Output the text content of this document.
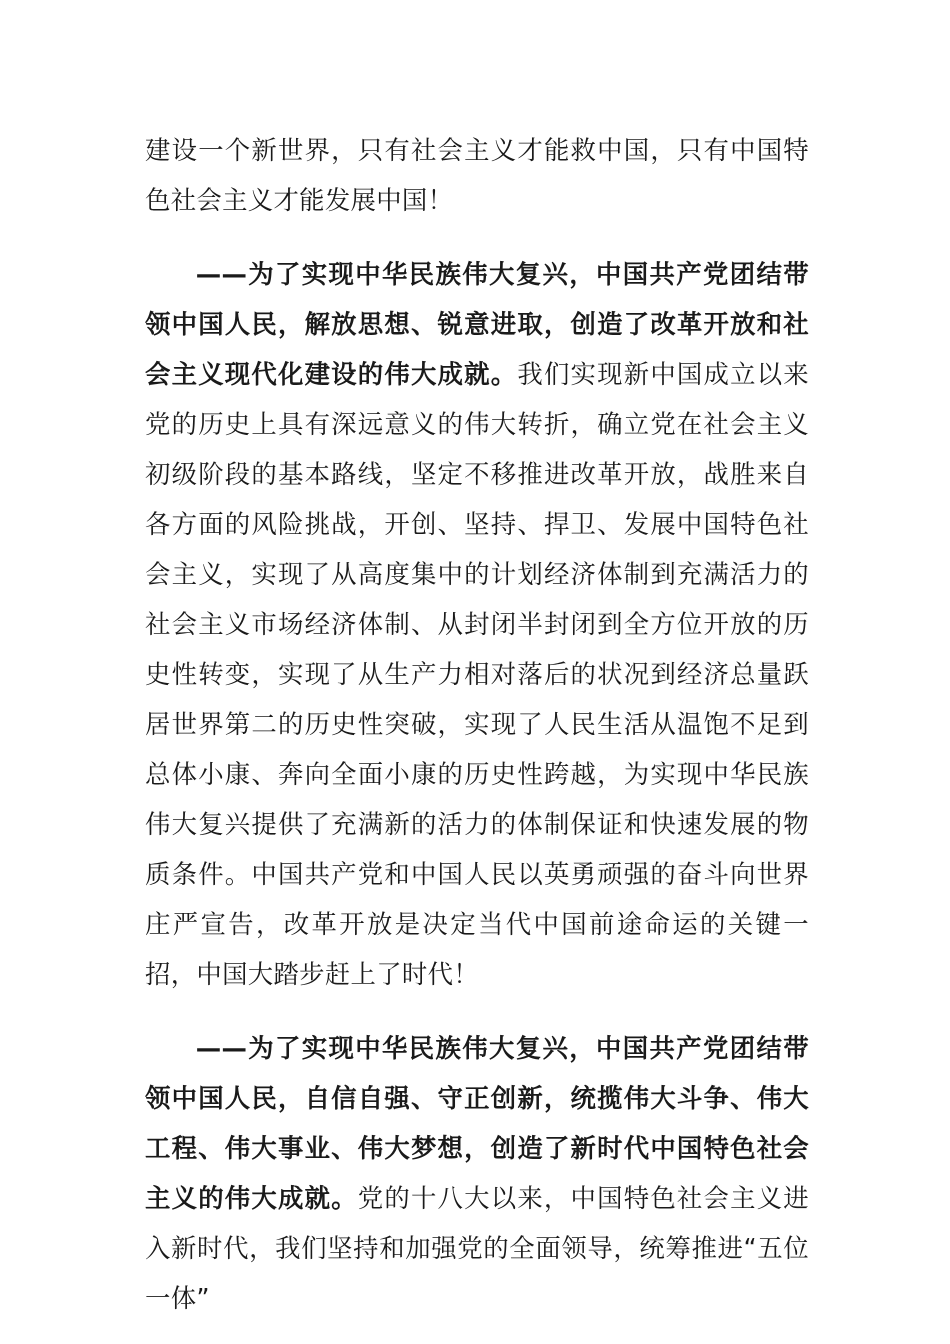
建设一个新世界，只有社会主义才能救中国，只有中国特色社会主义才能发展中国！

——为了实现中华民族伟大复兴，中国共产党团结带领中国人民，解放思想、锐意进取，创造了改革开放和社会主义现代化建设的伟大成就。我们实现新中国成立以来党的历史上具有深远意义的伟大转折，确立党在社会主义初级阶段的基本路线，坚定不移推进改革开放，战胜来自各方面的风险挑战，开创、坚持、捍卫、发展中国特色社会主义，实现了从高度集中的计划经济体制到充满活力的社会主义市场经济体制、从封闭半封闭到全方位开放的历史性转变，实现了从生产力相对落后的状况到经济总量跃居世界第二的历史性突破，实现了人民生活从温饱不足到总体小康、奔向全面小康的历史性跨越，为实现中华民族伟大复兴提供了充满新的活力的体制保证和快速发展的物质条件。中国共产党和中国人民以英勇顽强的奋斗向世界庄严宣告，改革开放是决定当代中国前途命运的关键一招，中国大踏步赶上了时代！

——为了实现中华民族伟大复兴，中国共产党团结带领中国人民，自信自强、守正创新，统揽伟大斗争、伟大工程、伟大事业、伟大梦想，创造了新时代中国特色社会主义的伟大成就。党的十八大以来，中国特色社会主义进入新时代，我们坚持和加强党的全面领导，统筹推进“五位一体”
